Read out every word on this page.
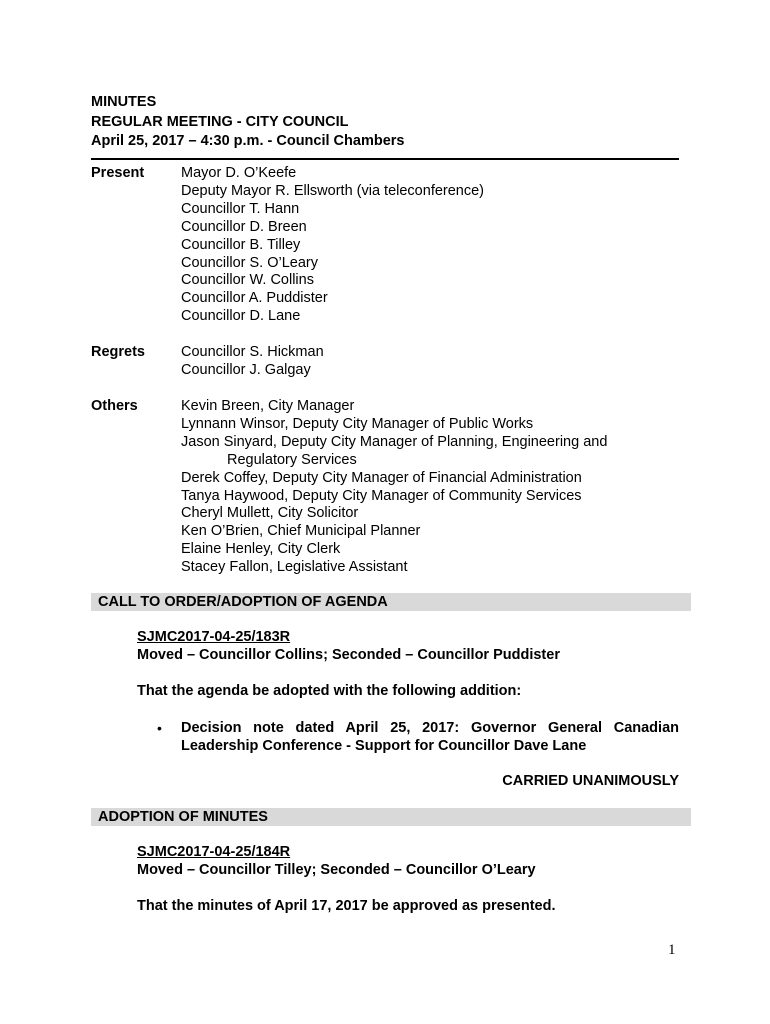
MINUTES
REGULAR MEETING - CITY COUNCIL
April 25, 2017 – 4:30 p.m. - Council Chambers
Present	Mayor D. O’Keefe
Deputy Mayor R. Ellsworth (via teleconference)
Councillor T. Hann
Councillor D. Breen
Councillor B. Tilley
Councillor S. O’Leary
Councillor W. Collins
Councillor A. Puddister
Councillor D. Lane
Regrets Councillor S. Hickman
Councillor J. Galgay
Others	Kevin Breen, City Manager
Lynnann Winsor, Deputy City Manager of Public Works
Jason Sinyard, Deputy City Manager of Planning, Engineering and
Regulatory Services
Derek Coffey, Deputy City Manager of Financial Administration
Tanya Haywood, Deputy City Manager of Community Services
Cheryl Mullett, City Solicitor
Ken O’Brien, Chief Municipal Planner
Elaine Henley, City Clerk
Stacey Fallon, Legislative Assistant
CALL TO ORDER/ADOPTION OF AGENDA
SJMC2017-04-25/183R
Moved – Councillor Collins; Seconded – Councillor Puddister
That the agenda be adopted with the following addition:
• Decision note dated April 25, 2017: Governor General Canadian Leadership Conference - Support for Councillor Dave Lane
CARRIED UNANIMOUSLY
ADOPTION OF MINUTES
SJMC2017-04-25/184R
Moved – Councillor Tilley; Seconded – Councillor O’Leary
That the minutes of April 17, 2017 be approved as presented.
1
